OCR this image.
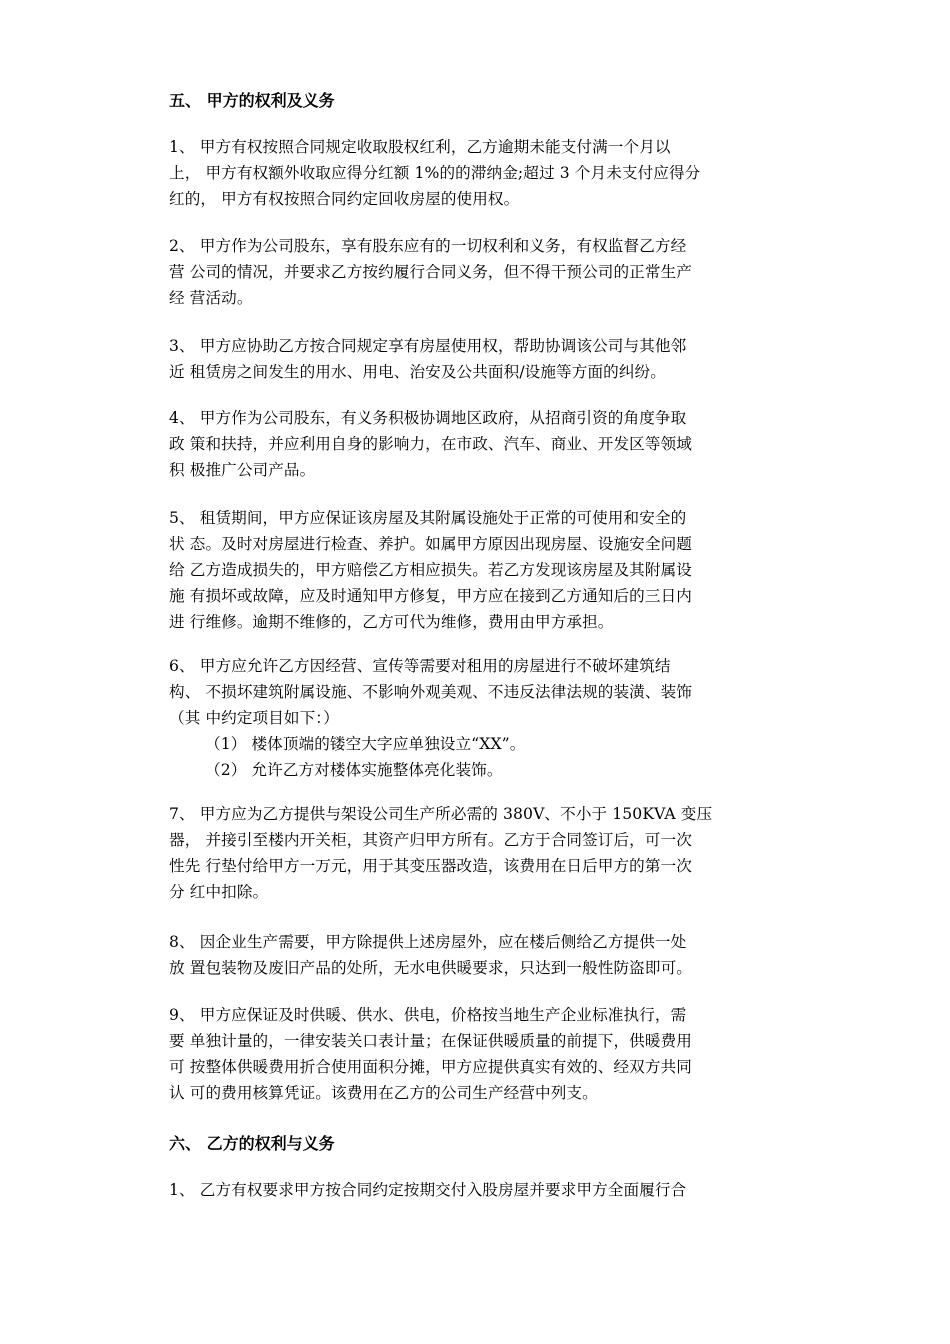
五、 甲方的权利及义务
1、 甲方有权按照合同规定收取股权红利，乙方逾期未能支付满一个月以
上， 甲方有权额外收取应得分红额 1%的的滞纳金;超过 3 个月未支付应得分
红的， 甲方有权按照合同约定回收房屋的使用权。
2、 甲方作为公司股东，享有股东应有的一切权利和义务，有权监督乙方经
营 公司的情况，并要求乙方按约履行合同义务，但不得干预公司的正常生产
经 营活动。
3、 甲方应协助乙方按合同规定享有房屋使用权，帮助协调该公司与其他邻
近 租赁房之间发生的用水、用电、治安及公共面积/设施等方面的纠纷。
4、 甲方作为公司股东，有义务积极协调地区政府，从招商引资的角度争取
政 策和扶持，并应利用自身的影响力，在市政、汽车、商业、开发区等领域
积 极推广公司产品。
5、 租赁期间，甲方应保证该房屋及其附属设施处于正常的可使用和安全的
状 态。及时对房屋进行检查、养护。如属甲方原因出现房屋、设施安全问题
给 乙方造成损失的，甲方赔偿乙方相应损失。若乙方发现该房屋及其附属设
施 有损坏或故障，应及时通知甲方修复，甲方应在接到乙方通知后的三日内
进 行维修。逾期不维修的，乙方可代为维修，费用由甲方承担。
6、 甲方应允许乙方因经营、宣传等需要对租用的房屋进行不破坏建筑结
构、 不损坏建筑附属设施、不影响外观美观、不违反法律法规的装潢、装饰
（其 中约定项目如下：）
（1） 楼体顶端的镂空大字应单独设立“XX”。
（2） 允许乙方对楼体实施整体亮化装饰。
7、 甲方应为乙方提供与架设公司生产所必需的 380V、不小于 150KVA 变压
器， 并接引至楼内开关柜，其资产归甲方所有。乙方于合同签订后，可一次
性先 行垫付给甲方一万元，用于其变压器改造，该费用在日后甲方的第一次
分 红中扣除。
8、 因企业生产需要，甲方除提供上述房屋外，应在楼后侧给乙方提供一处
放 置包装物及废旧产品的处所，无水电供暖要求，只达到一般性防盗即可。
9、 甲方应保证及时供暖、供水、供电，价格按当地生产企业标准执行，需
要 单独计量的，一律安装关口表计量；在保证供暖质量的前提下，供暖费用
可 按整体供暖费用折合使用面积分摊，甲方应提供真实有效的、经双方共同
认 可的费用核算凭证。该费用在乙方的公司生产经营中列支。
六、 乙方的权利与义务
1、 乙方有权要求甲方按合同约定按期交付入股房屋并要求甲方全面履行合
